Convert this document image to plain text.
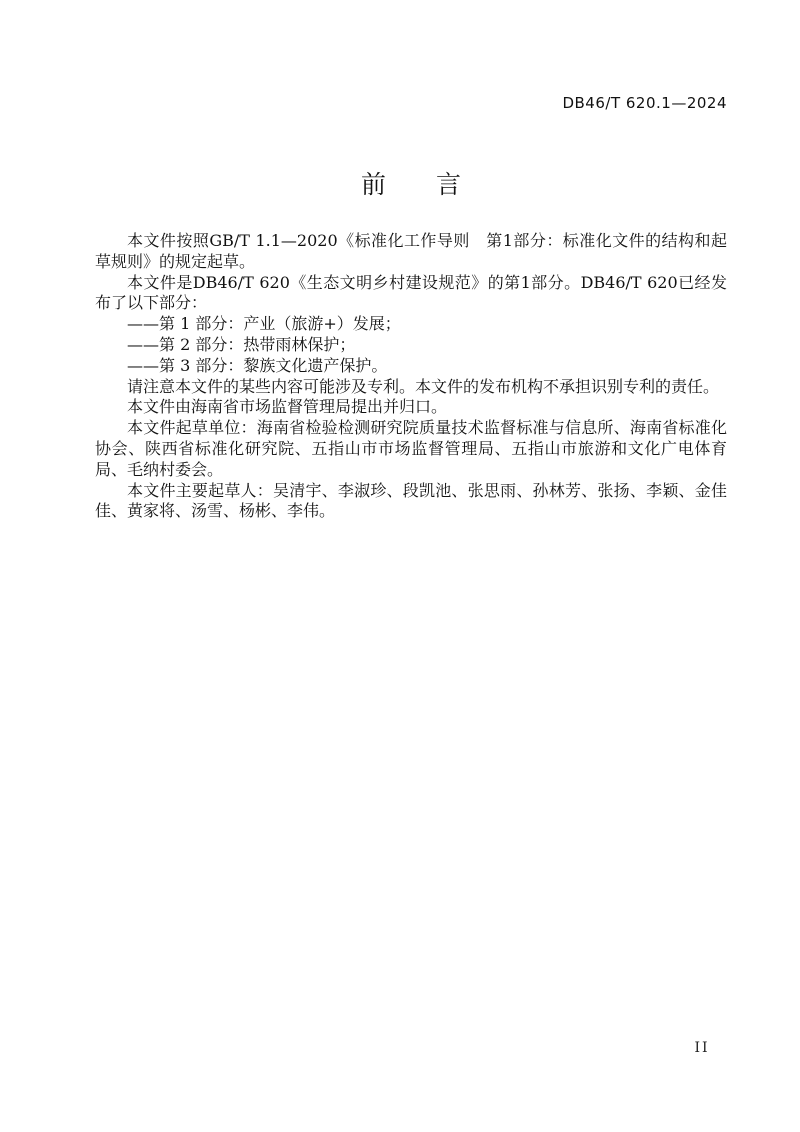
DB46/T 620.1—2024
前　　言

本文件按照GB/T 1.1—2020《标准化工作导则　第1部分：标准化文件的结构和起草规则》的规定起草。

本文件是DB46/T 620《生态文明乡村建设规范》的第1部分。DB46/T 620已经发布了以下部分：

——第 1 部分：产业（旅游+）发展；

——第 2 部分：热带雨林保护；

——第 3 部分：黎族文化遗产保护。

请注意本文件的某些内容可能涉及专利。本文件的发布机构不承担识别专利的责任。

本文件由海南省市场监督管理局提出并归口。

本文件起草单位：海南省检验检测研究院质量技术监督标准与信息所、海南省标准化协会、陕西省标准化研究院、五指山市市场监督管理局、五指山市旅游和文化广电体育局、毛纳村委会。

本文件主要起草人：吴清宇、李淑珍、段凯池、张思雨、孙林芳、张扬、李颖、金佳佳、黄家将、汤雪、杨彬、李伟。

II
